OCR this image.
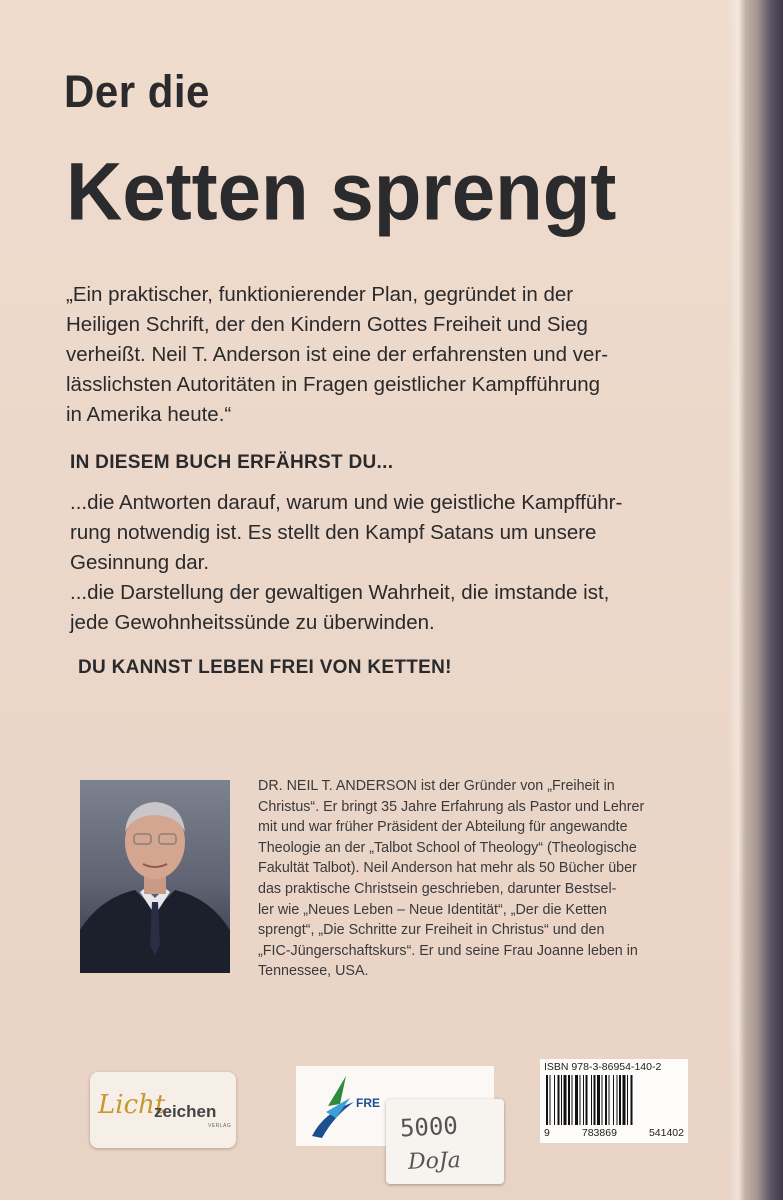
Der die
Ketten sprengt

„Ein praktischer, funktionierender Plan, gegründet in der
Heiligen Schrift, der den Kindern Gottes Freiheit und Sieg
verheißt. Neil T. Anderson ist eine der erfahrensten und ver-
lässlichsten Autoritäten in Fragen geistlicher Kampfführung
in Amerika heute.“

IN DIESEM BUCH ERFÄHRST DU...

...die Antworten darauf, warum und wie geistliche Kampfführ-
rung notwendig ist. Es stellt den Kampf Satans um unsere
Gesinnung dar.
...die Darstellung der gewaltigen Wahrheit, die imstande ist,
jede Gewohnheitssünde zu überwinden.

DU KANNST LEBEN FREI VON KETTEN!

DR. NEIL T. ANDERSON ist der Gründer von „Freiheit in
Christus“. Er bringt 35 Jahre Erfahrung als Pastor und Lehrer
mit und war früher Präsident der Abteilung für angewandte
Theologie an der „Talbot School of Theology“ (Theologische
Fakultät Talbot). Neil Anderson hat mehr als 50 Bücher über
das praktische Christsein geschrieben, darunter Bestsel-
ler wie „Neues Leben – Neue Identität“, „Der die Ketten
sprengt“, „Die Schritte zur Freiheit in Christus“ und den
„FIC-Jüngerschaftskurs“. Er und seine Frau Joanne leben in
Tennessee, USA.

Licht
zeichen
VERLAG
FRE
5000
DoJa
ISBN 978-3-86954-140-2
9	783869	541402
